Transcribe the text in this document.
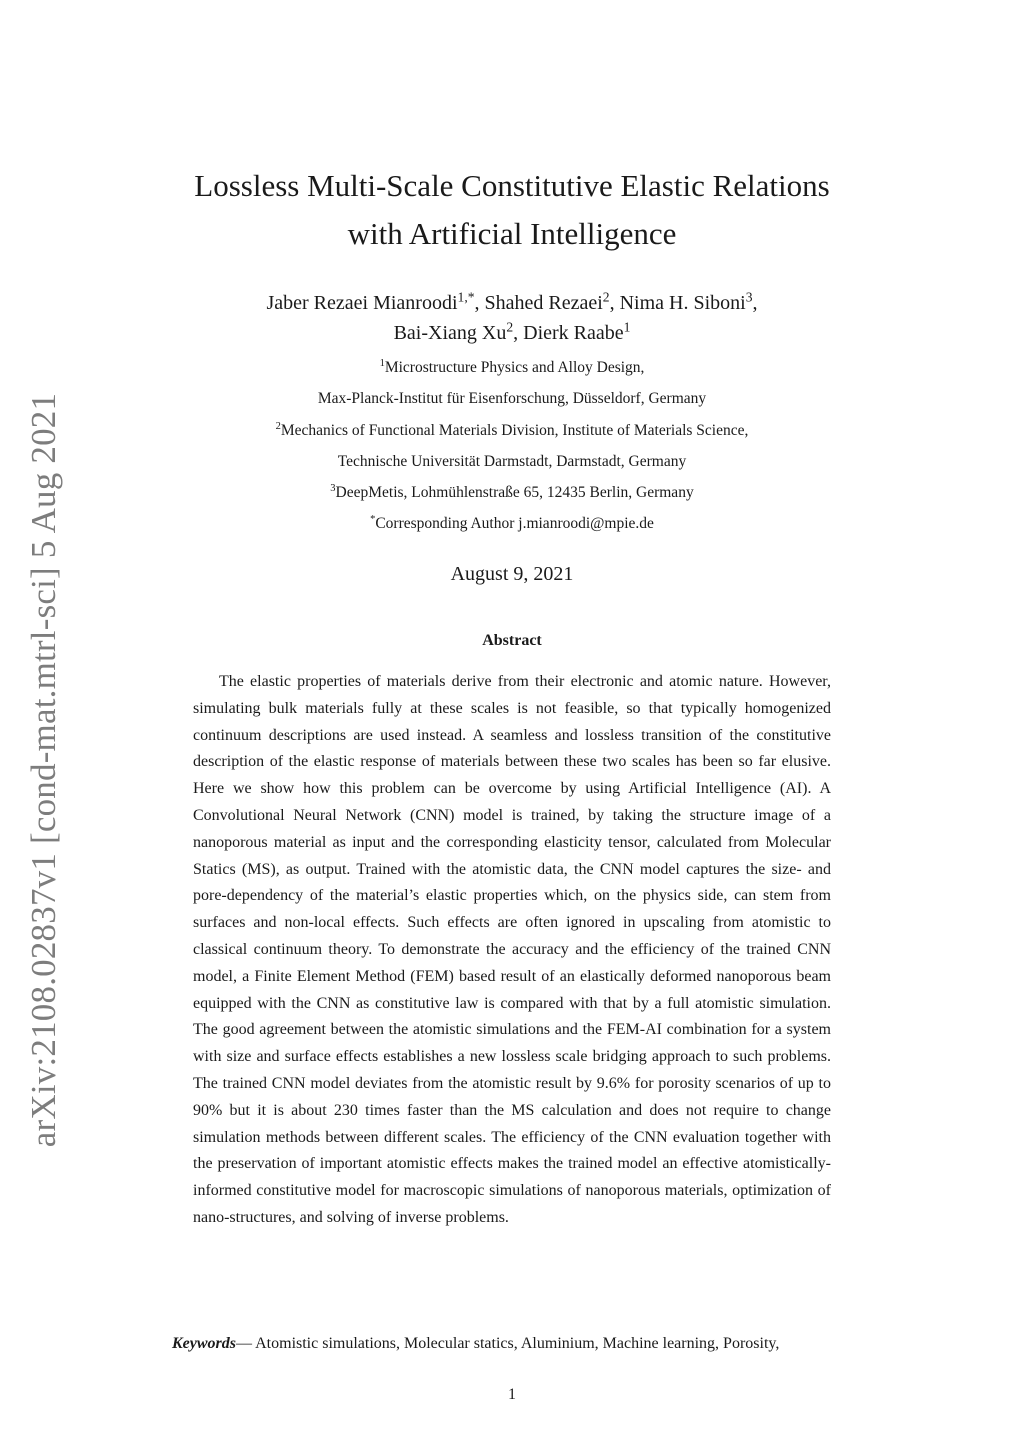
arXiv:2108.02837v1 [cond-mat.mtrl-sci] 5 Aug 2021
Lossless Multi-Scale Constitutive Elastic Relations
with Artificial Intelligence
Jaber Rezaei Mianroodi$^{1,*}$, Shahed Rezaei$^2$, Nima H. Siboni$^3$,
Bai-Xiang Xu$^2$, Dierk Raabe$^1$
$^1$Microstructure Physics and Alloy Design,
Max-Planck-Institut für Eisenforschung, Düsseldorf, Germany
$^2$Mechanics of Functional Materials Division, Institute of Materials Science,
Technische Universität Darmstadt, Darmstadt, Germany
$^3$DeepMetis, Lohmühlenstraße 65, 12435 Berlin, Germany
*Corresponding Author j.mianroodi@mpie.de
August 9, 2021
Abstract

The elastic properties of materials derive from their electronic and atomic nature. However, simulating bulk materials fully at these scales is not feasible, so that typically homogenized continuum descriptions are used instead. A seamless and lossless transition of the constitutive description of the elastic response of materials between these two scales has been so far elusive. Here we show how this problem can be overcome by using Artificial Intelligence (AI). A Convolutional Neural Network (CNN) model is trained, by taking the structure image of a nanoporous material as input and the corresponding elasticity tensor, calculated from Molecular Statics (MS), as output. Trained with the atomistic data, the CNN model captures the size- and pore-dependency of the material’s elastic properties which, on the physics side, can stem from surfaces and non-local effects. Such effects are often ignored in upscaling from atomistic to classical continuum theory. To demonstrate the accuracy and the efficiency of the trained CNN model, a Finite Element Method (FEM) based result of an elastically deformed nanoporous beam equipped with the CNN as constitutive law is compared with that by a full atomistic simulation. The good agreement between the atomistic simulations and the FEM-AI combination for a system with size and surface effects establishes a new lossless scale bridging approach to such problems. The trained CNN model deviates from the atomistic result by 9.6% for porosity scenarios of up to 90% but it is about 230 times faster than the MS calculation and does not require to change simulation methods between different scales. The efficiency of the CNN evaluation together with the preservation of important atomistic effects makes the trained model an effective atomistically-informed constitutive model for macroscopic simulations of nanoporous materials, optimization of nano-structures, and solving of inverse problems.

Keywords— Atomistic simulations, Molecular statics, Aluminium, Machine learning, Porosity,
1
